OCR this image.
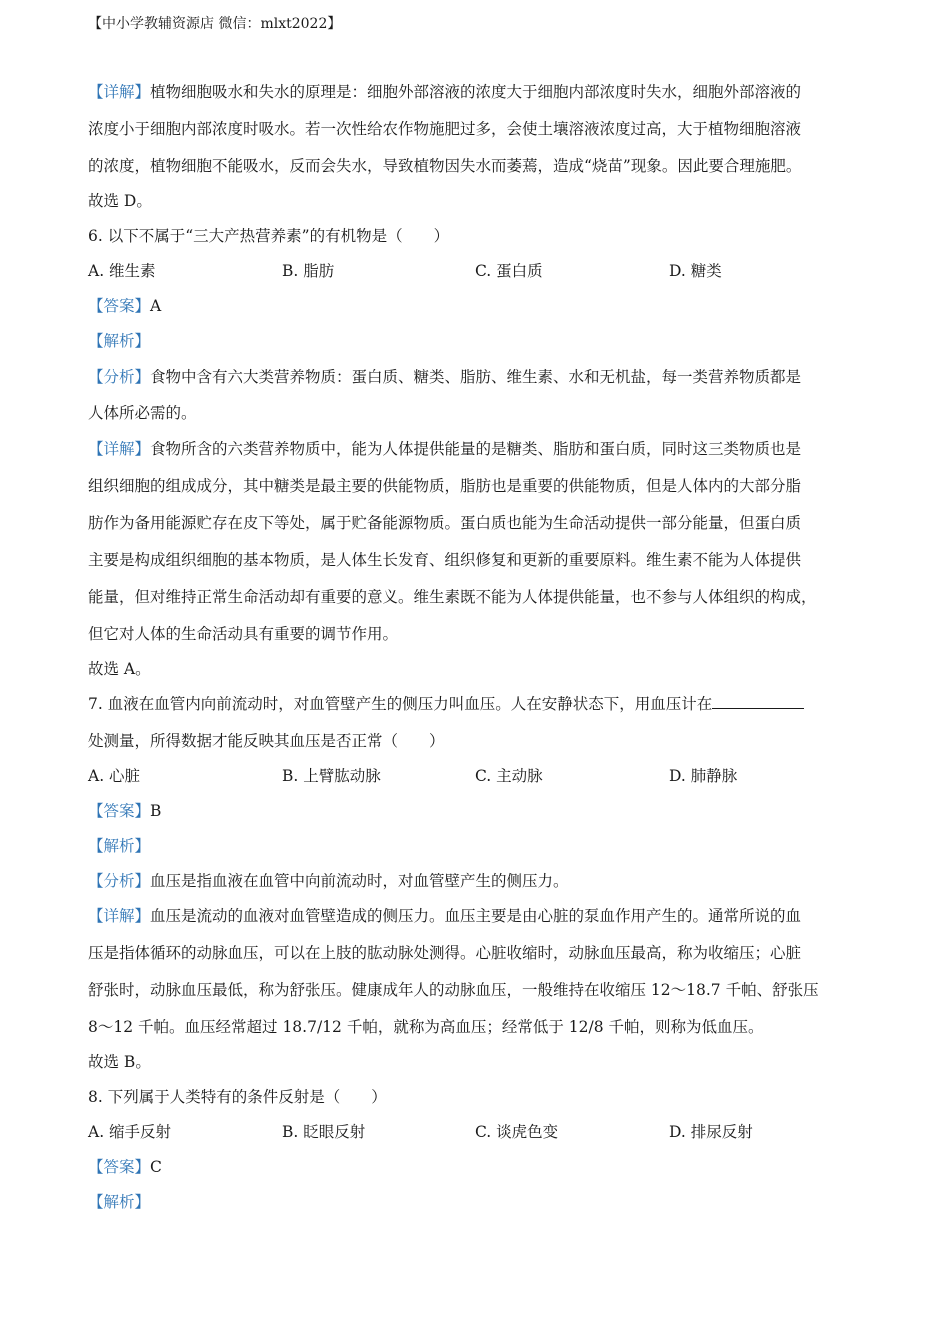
【中小学教辅资源店 微信：mlxt2022】
【详解】植物细胞吸水和失水的原理是：细胞外部溶液的浓度大于细胞内部浓度时失水，细胞外部溶液的
浓度小于细胞内部浓度时吸水。若一次性给农作物施肥过多，会使土壤溶液浓度过高，大于植物细胞溶液
的浓度，植物细胞不能吸水，反而会失水，导致植物因失水而萎蔫，造成“烧苗”现象。因此要合理施肥。
故选 D。
6. 以下不属于“三大产热营养素”的有机物是（　　）
A. 维生素	B. 脂肪	C. 蛋白质	D. 糖类
【答案】A
【解析】
【分析】食物中含有六大类营养物质：蛋白质、糖类、脂肪、维生素、水和无机盐，每一类营养物质都是
人体所必需的。
【详解】食物所含的六类营养物质中，能为人体提供能量的是糖类、脂肪和蛋白质，同时这三类物质也是
组织细胞的组成成分，其中糖类是最主要的供能物质，脂肪也是重要的供能物质，但是人体内的大部分脂
肪作为备用能源贮存在皮下等处，属于贮备能源物质。蛋白质也能为生命活动提供一部分能量，但蛋白质
主要是构成组织细胞的基本物质，是人体生长发育、组织修复和更新的重要原料。维生素不能为人体提供
能量，但对维持正常生命活动却有重要的意义。维生素既不能为人体提供能量，也不参与人体组织的构成，
但它对人体的生命活动具有重要的调节作用。
故选 A。
7. 血液在血管内向前流动时，对血管壁产生的侧压力叫血压。人在安静状态下，用血压计在
处测量，所得数据才能反映其血压是否正常（　　）
A. 心脏	B. 上臂肱动脉	C. 主动脉	D. 肺静脉
【答案】B
【解析】
【分析】血压是指血液在血管中向前流动时，对血管壁产生的侧压力。
【详解】血压是流动的血液对血管壁造成的侧压力。血压主要是由心脏的泵血作用产生的。通常所说的血
压是指体循环的动脉血压，可以在上肢的肱动脉处测得。心脏收缩时，动脉血压最高，称为收缩压；心脏
舒张时，动脉血压最低，称为舒张压。健康成年人的动脉血压，一般维持在收缩压 12～18.7 千帕、舒张压
8～12 千帕。血压经常超过 18.7/12 千帕，就称为高血压；经常低于 12/8 千帕，则称为低血压。
故选 B。
8. 下列属于人类特有的条件反射是（　　）
A. 缩手反射	B. 眨眼反射	C. 谈虎色变	D. 排尿反射
【答案】C
【解析】
